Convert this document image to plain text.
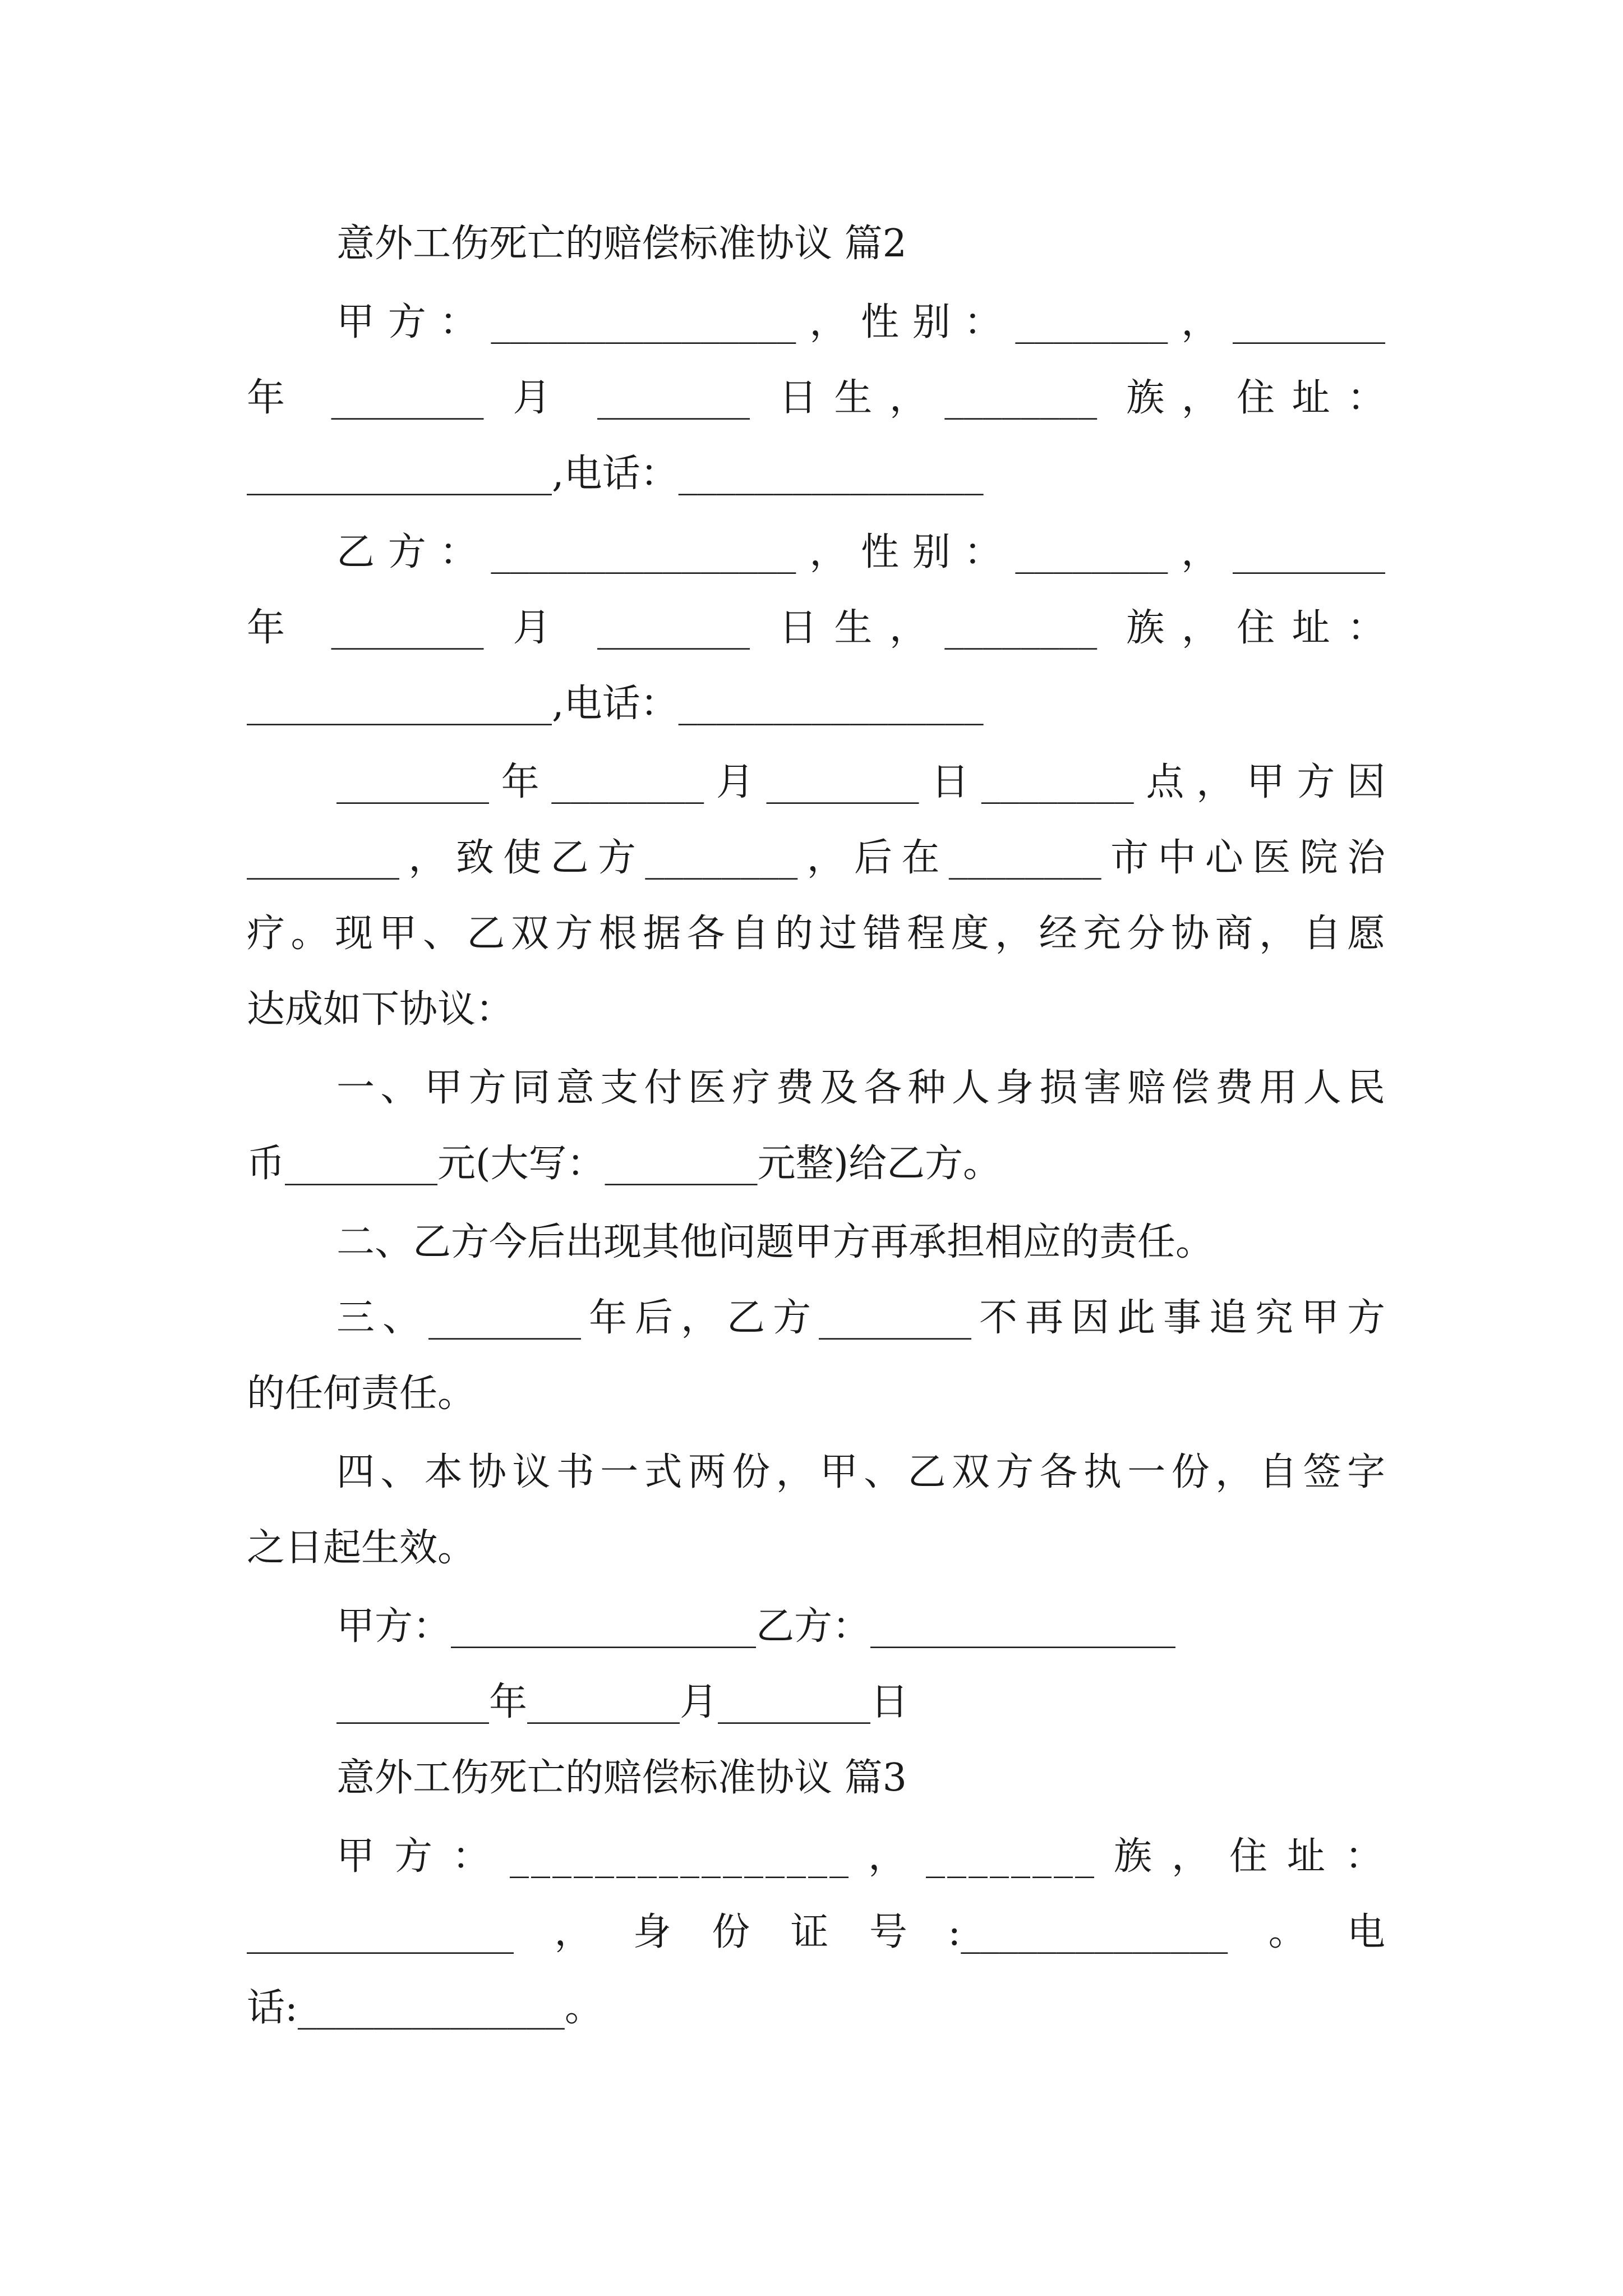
意外工伤死亡的赔偿标准协议 篇2
甲方：________________，性别：________，________
年 ________ 月 ________ 日生，________ 族，住址：
________________,电话：________________
乙方：________________，性别：________，________
年 ________ 月 ________ 日生，________ 族，住址：
________________,电话：________________
________年________月________日________点，甲方因
________，致使乙方________，后在________市中心医院治
疗。现甲、乙双方根据各自的过错程度，经充分协商，自愿
达成如下协议：
一、甲方同意支付医疗费及各种人身损害赔偿费用人民
币________元(大写：________元整)给乙方。
二、乙方今后出现其他问题甲方再承担相应的责任。
三、________年后，乙方________不再因此事追究甲方
的任何责任。
四、本协议书一式两份，甲、乙双方各执一份，自签字
之日起生效。
甲方：________________乙方：________________
________年________月________日
意外工伤死亡的赔偿标准协议 篇3
甲方：________________，________族，住址：
______________，身份证号:______________。电
话:______________。
